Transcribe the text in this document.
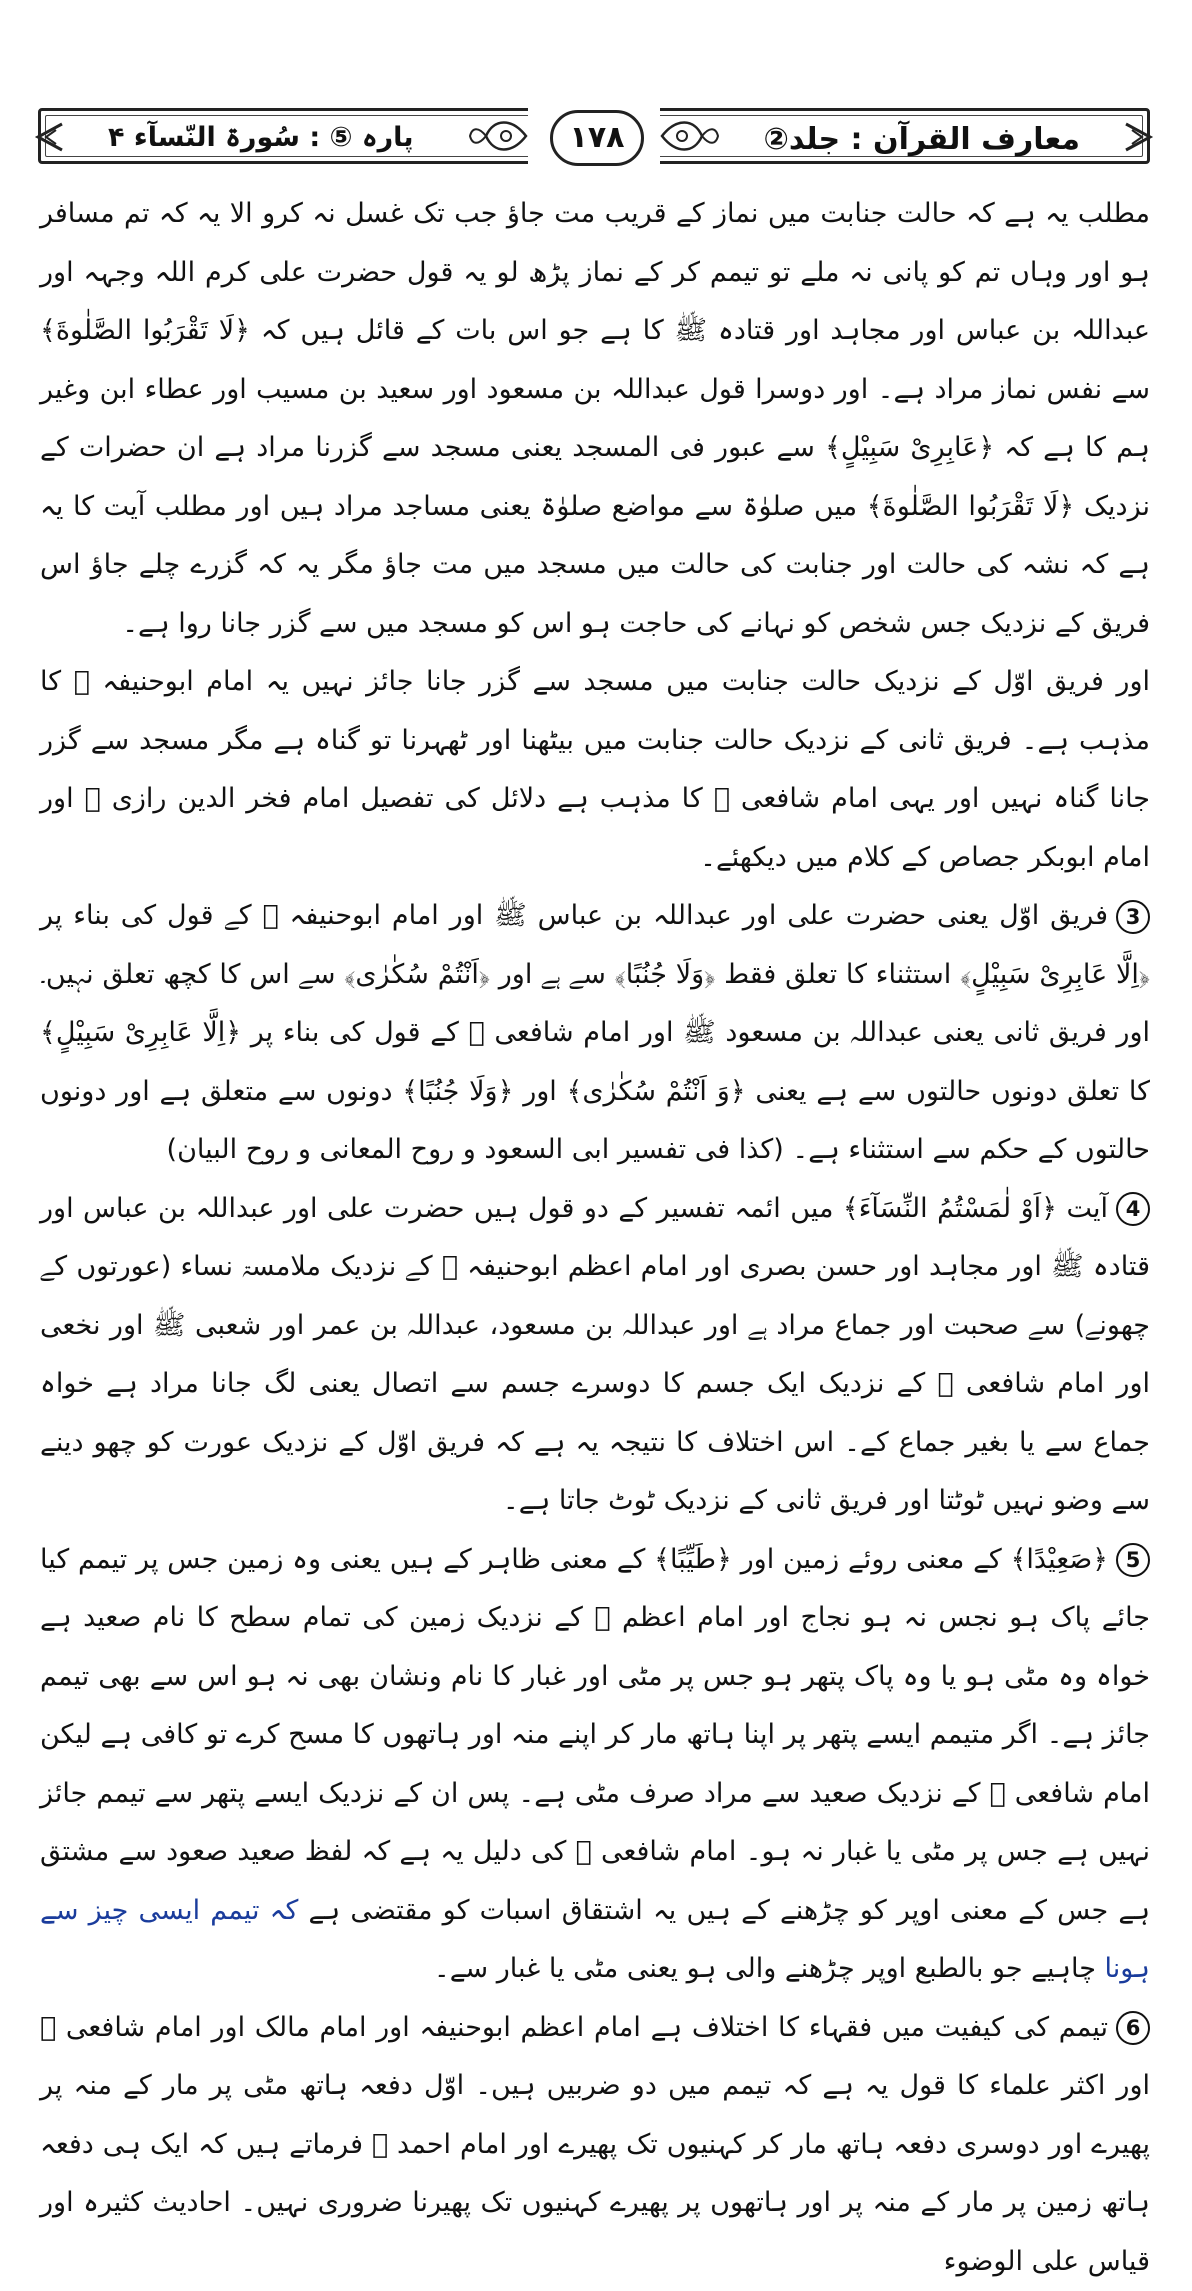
معارف القرآن : جلد②
پارہ ⑤ : سُورۃ النّسآء ۴	۱۷۸

مطلب یہ ہے کہ حالت جنابت میں نماز کے قریب مت جاؤ جب تک غسل نہ کرو الا یہ کہ تم مسافر ہو اور وہاں تم کو پانی نہ ملے تو تیمم کر کے نماز پڑھ لو یہ قول حضرت علی کرم اللہ وجہہ اور عبداللہ بن عباس اور مجاہد اور قتادہ ﷺ کا ہے جو اس بات کے قائل ہیں کہ ﴿لَا تَقْرَبُوا الصَّلٰوةَ﴾ سے نفس نماز مراد ہے۔ اور دوسرا قول عبداللہ بن مسعود اور سعید بن مسیب اور عطاء ابن وغیر ہم کا ہے کہ ﴿عَابِرِیْ سَبِیْلٍ﴾ سے عبور فی المسجد یعنی مسجد سے گزرنا مراد ہے ان حضرات کے نزدیک ﴿لَا تَقْرَبُوا الصَّلٰوةَ﴾ میں صلوٰۃ سے مواضع صلوٰۃ یعنی مساجد مراد ہیں اور مطلب آیت کا یہ ہے کہ نشہ کی حالت اور جنابت کی حالت میں مسجد میں مت جاؤ مگر یہ کہ گزرے چلے جاؤ اس فریق کے نزدیک جس شخص کو نہانے کی حاجت ہو اس کو مسجد میں سے گزر جانا روا ہے۔

اور فریق اوّل کے نزدیک حالت جنابت میں مسجد سے گزر جانا جائز نہیں یہ امام ابوحنیفہ ﷫ کا مذہب ہے۔ فریق ثانی کے نزدیک حالت جنابت میں بیٹھنا اور ٹھہرنا تو گناہ ہے مگر مسجد سے گزر جانا گناہ نہیں اور یہی امام شافعی ﷫ کا مذہب ہے دلائل کی تفصیل امام فخر الدین رازی ﷫ اور امام ابوبکر جصاص کے کلام میں دیکھئے۔

3فریق اوّل یعنی حضرت علی اور عبداللہ بن عباس ﷺ اور امام ابوحنیفہ ﷫ کے قول کی بناء پر ﴿اِلَّا عَابِرِیْ سَبِیْلٍ﴾ استثناء کا تعلق فقط ﴿وَلَا جُنُبًا﴾ سے ہے اور ﴿اَنْتُمْ سُکٰرٰی﴾ سے اس کا کچھ تعلق نہیں۔ اور فریق ثانی یعنی عبداللہ بن مسعود ﷺ اور امام شافعی ﷫ کے قول کی بناء پر ﴿اِلَّا عَابِرِیْ سَبِیْلٍ﴾ کا تعلق دونوں حالتوں سے ہے یعنی ﴿وَ اَنْتُمْ سُکٰرٰی﴾ اور ﴿وَلَا جُنُبًا﴾ دونوں سے متعلق ہے اور دونوں حالتوں کے حکم سے استثناء ہے۔ (کذا فی تفسیر ابی السعود و روح المعانی و روح البیان)

4آیت ﴿اَوْ لٰمَسْتُمُ النِّسَآءَ﴾ میں ائمہ تفسیر کے دو قول ہیں حضرت علی اور عبداللہ بن عباس اور قتادہ ﷺ اور مجاہد اور حسن بصری اور امام اعظم ابوحنیفہ ﷫ کے نزدیک ملامسۃ نساء (عورتوں کے چھونے) سے صحبت اور جماع مراد ہے اور عبداللہ بن مسعود، عبداللہ بن عمر اور شعبی ﷺ اور نخعی اور امام شافعی ﷫ کے نزدیک ایک جسم کا دوسرے جسم سے اتصال یعنی لگ جانا مراد ہے خواہ جماع سے یا بغیر جماع کے۔ اس اختلاف کا نتیجہ یہ ہے کہ فریق اوّل کے نزدیک عورت کو چھو دینے سے وضو نہیں ٹوٹتا اور فریق ثانی کے نزدیک ٹوٹ جاتا ہے۔

5﴿صَعِیْدًا﴾ کے معنی روئے زمین اور ﴿طَیِّبًا﴾ کے معنی ظاہر کے ہیں یعنی وہ زمین جس پر تیمم کیا جائے پاک ہو نجس نہ ہو نجاج اور امام اعظم ﷫ کے نزدیک زمین کی تمام سطح کا نام صعید ہے خواہ وہ مٹی ہو یا وہ پاک پتھر ہو جس پر مٹی اور غبار کا نام ونشان بھی نہ ہو اس سے بھی تیمم جائز ہے۔ اگر متیمم ایسے پتھر پر اپنا ہاتھ مار کر اپنے منہ اور ہاتھوں کا مسح کرے تو کافی ہے لیکن امام شافعی ﷫ کے نزدیک صعید سے مراد صرف مٹی ہے۔ پس ان کے نزدیک ایسے پتھر سے تیمم جائز نہیں ہے جس پر مٹی یا غبار نہ ہو۔ امام شافعی ﷫ کی دلیل یہ ہے کہ لفظ صعید صعود سے مشتق ہے جس کے معنی اوپر کو چڑھنے کے ہیں یہ اشتقاق اسبات کو مقتضی ہے کہ تیمم ایسی چیز سے ہونا چاہیے جو بالطبع اوپر چڑھنے والی ہو یعنی مٹی یا غبار سے۔

6تیمم کی کیفیت میں فقہاء کا اختلاف ہے امام اعظم ابوحنیفہ اور امام مالک اور امام شافعی ﷫ اور اکثر علماء کا قول یہ ہے کہ تیمم میں دو ضربیں ہیں۔ اوّل دفعہ ہاتھ مٹی پر مار کے منہ پر پھیرے اور دوسری دفعہ ہاتھ مار کر کہنیوں تک پھیرے اور امام احمد ﷫ فرماتے ہیں کہ ایک ہی دفعہ ہاتھ زمین پر مار کے منہ پر اور ہاتھوں پر پھیرے کہنیوں تک پھیرنا ضروری نہیں۔ احادیث کثیرہ اور قیاس علی الوضوء
